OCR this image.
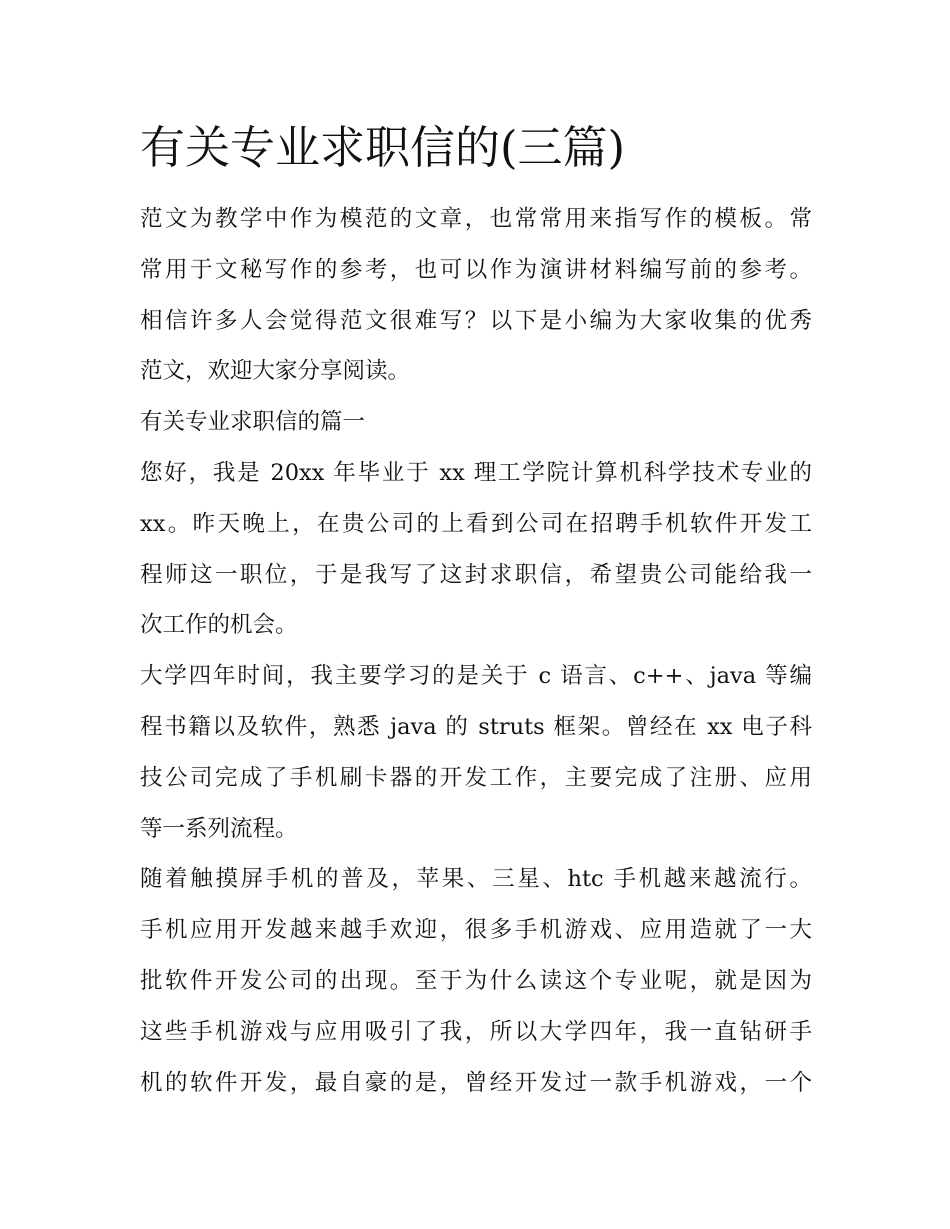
有关专业求职信的(三篇)

范文为教学中作为模范的文章，也常常用来指写作的模板。常
常用于文秘写作的参考，也可以作为演讲材料编写前的参考。
相信许多人会觉得范文很难写？以下是小编为大家收集的优秀
范文，欢迎大家分享阅读。

有关专业求职信的篇一

您好，我是 20xx 年毕业于 xx 理工学院计算机科学技术专业的
xx。昨天晚上，在贵公司的上看到公司在招聘手机软件开发工
程师这一职位，于是我写了这封求职信，希望贵公司能给我一
次工作的机会。

大学四年时间，我主要学习的是关于 c 语言、c++、java 等编
程书籍以及软件，熟悉 java 的 struts 框架。曾经在 xx 电子科
技公司完成了手机刷卡器的开发工作，主要完成了注册、应用
等一系列流程。

随着触摸屏手机的普及，苹果、三星、htc 手机越来越流行。
手机应用开发越来越手欢迎，很多手机游戏、应用造就了一大
批软件开发公司的出现。至于为什么读这个专业呢，就是因为
这些手机游戏与应用吸引了我，所以大学四年，我一直钻研手
机的软件开发，最自豪的是，曾经开发过一款手机游戏，一个
